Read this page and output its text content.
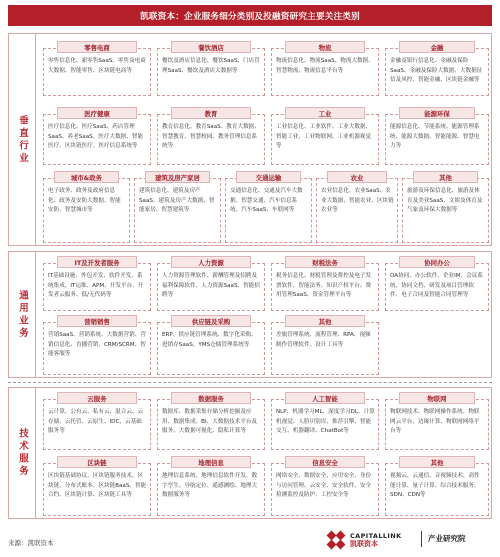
凯联资本：企业服务细分类别及投融资研究主要关注类别
垂直行业
通用业务
技术服务
零售信息化、新零售SaaS、零售及电商大数据、智能零售、区块链电商等
零售电商
餐饮及酒店信息化、餐饮SaaS、门店管理SaaS、餐饮及酒店大数据等
餐饮酒店
物流信息化、物流SaaS、物流大数据、智慧物流、物流信息平台等
物流
金融及银行信息化、金融及保险SaaS、金融及保险大数据、大数据征信及风控、智能金融、区块链金融等
金融
医疗信息化、医疗SaaS、药店管理SaaS、养老SaaS、医疗大数据、智能医疗、区块链医疗、医疗信息系统等
医疗健康
教育信息化、教育SaaS、教育大数据、智慧教育、智慧校园、教务管理信息系统等
教育
工业信息化、工业软件、工业大数据、智能工业、工业物联网、工业机器视觉等
工业
能源信息化、节能系统、能源管理系统、能源大数据、智能能源、智慧电力等
能源环保
电子政务、政务及政府信息化、政务及安防大数据、智能安防、智慧城市等
城市&政务
建筑信息化、建筑及房产SaaS、建筑及房产大数据、智能家居、智慧建筑等
建筑及房产家居
交通信息化、交通及汽车大数据、智慧交通、汽车信息系统、汽车SaaS、车联网等
交通运输
农业信息化、农业SaaS、农业大数据、智能农业、区块链农业等
农业
旅游及环保信息化、旅游及体育及美业SaaS、文娱及体育及气象及环保大数据等
其他
IT基础设施、外包开发、软件开发、系统集成、IT运维、APM、开发平台、开发者云服务、低/无代码等
IT及开发者服务
人力资源管理软件、薪酬管理及招聘及福利保障软件、人力资源SaaS、智能招聘等
人力资源
税务信息化、财税管理及费控及电子发票软件、智能法务、知识产权平台、费用管理SaaS、资金管理平台等
财税法务
OA协同、办公软件、企业IM、会议系统、协同文档、研发及项目管理软件、电子合同及智能合同管理等
协同办公
营销SaaS、营销系统、大数据营销、营销信息化、直播营销、CRM/SCRM、智能客服等
营销销售
ERP、供应链管理系统、数字化采购、进销存SaaS、YMS仓储管理系统等
供应链及采购
差旅管理系统、流程管理、RPA、视频制作管理软件、设计工具等
其他
云计算、公有云、私有云、混合云、云存储、云托管、云原生、IDC、云基础服务等
云服务
数据库、数据采集存储分析挖掘及应用、数据集成、BI、大数据技术平台及服务、大数据可视化、隐私计算等
数据服务
NLP、机器学习ML、深度学习DL、计算机视觉、人脸识别库、推荐引擎、智能交互、机器翻译、ChatBot等
人工智能
物联网技术、物联网操作系统、物联网云平台、边缘计算、物联网网络平台等
物联网
区块链基础协议、区块链服务技术、区块链、分布式账本、区块链BaaS、智能合约、区块链计算、区块链工具等
区块链
地理信息系统、地理信息软件开发、数字孪生、导航定位、遥感测绘、地理大数据服务等
地理信息
网络安全、数据安全、应用安全、身份与访问管理、云安全、安全软件、安全检测监控及防护、工控安全等
信息安全
视频云、云通信、音视频技术、高性能计算、量子计算、综合技术服务、SDN、CDN等
其他
来源：凯联资本
CAPITALLINK
凯联资本
产业研究院
